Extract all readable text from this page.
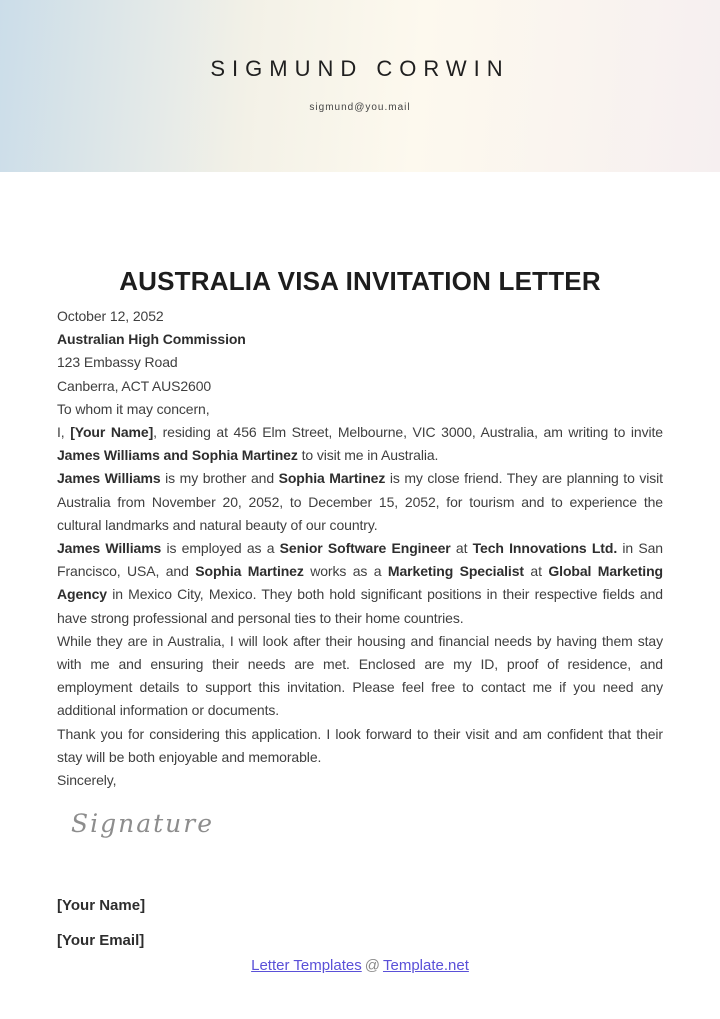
SIGMUND CORWIN
sigmund@you.mail
AUSTRALIA VISA INVITATION LETTER

October 12, 2052

Australian High Commission

123 Embassy Road

Canberra, ACT AUS2600

To whom it may concern,

I, [Your Name], residing at 456 Elm Street, Melbourne, VIC 3000, Australia, am writing to invite James Williams and Sophia Martinez to visit me in Australia.

James Williams is my brother and Sophia Martinez is my close friend. They are planning to visit Australia from November 20, 2052, to December 15, 2052, for tourism and to experience the cultural landmarks and natural beauty of our country.

James Williams is employed as a Senior Software Engineer at Tech Innovations Ltd. in San Francisco, USA, and Sophia Martinez works as a Marketing Specialist at Global Marketing Agency in Mexico City, Mexico. They both hold significant positions in their respective fields and have strong professional and personal ties to their home countries.

While they are in Australia, I will look after their housing and financial needs by having them stay with me and ensuring their needs are met. Enclosed are my ID, proof of residence, and employment details to support this invitation. Please feel free to contact me if you need any additional information or documents.

Thank you for considering this application. I look forward to their visit and am confident that their stay will be both enjoyable and memorable.

Sincerely,

Signature

[Your Name]

[Your Email]

Letter Templates @ Template.net
